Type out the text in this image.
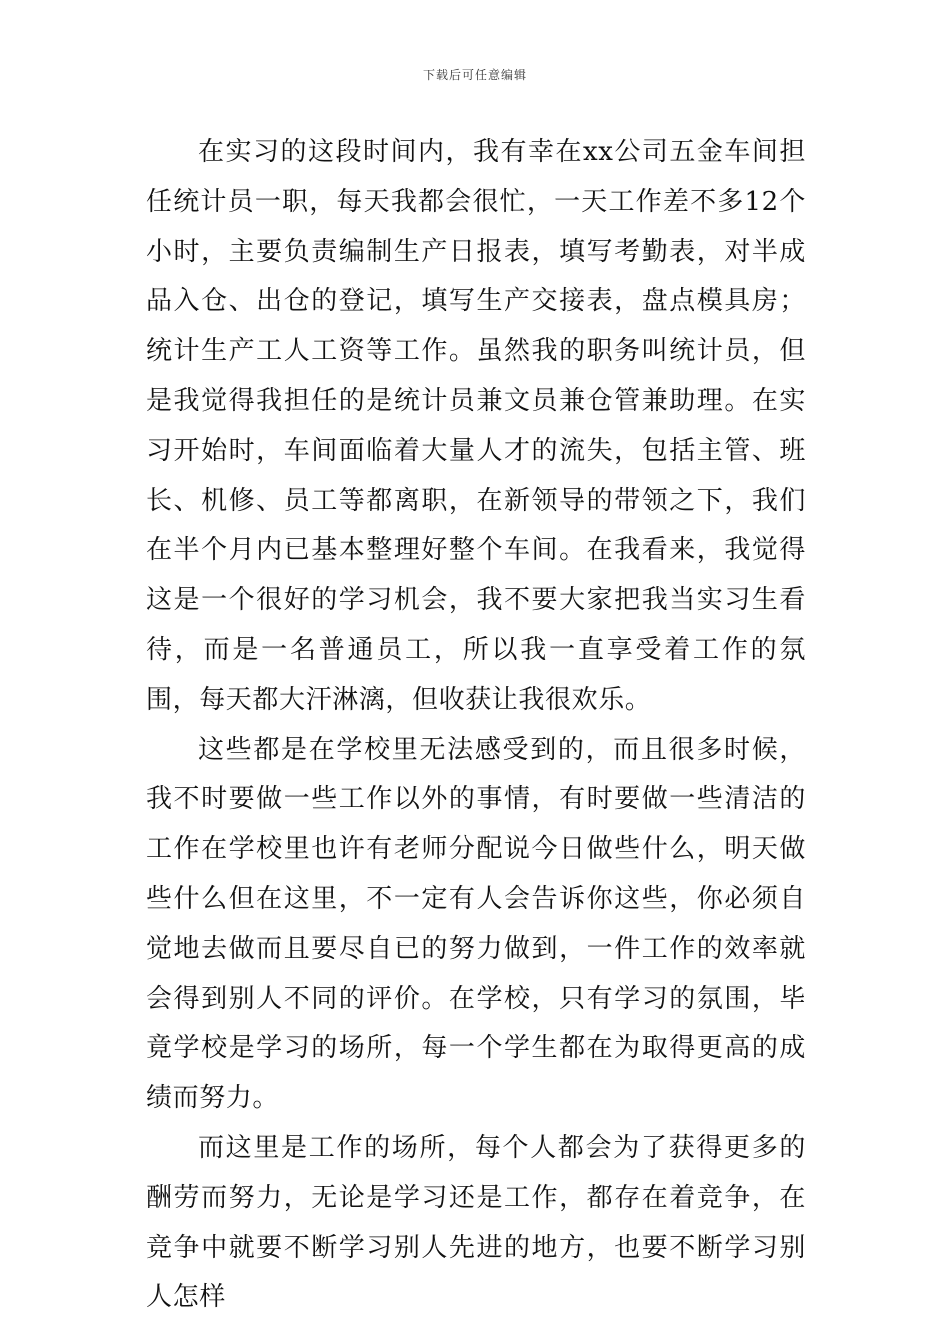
下载后可任意编辑

在实习的这段时间内，我有幸在xx公司五金车间担任统计员一职，每天我都会很忙，一天工作差不多12个小时，主要负责编制生产日报表，填写考勤表，对半成品入仓、出仓的登记，填写生产交接表，盘点模具房；统计生产工人工资等工作。虽然我的职务叫统计员，但是我觉得我担任的是统计员兼文员兼仓管兼助理。在实习开始时，车间面临着大量人才的流失，包括主管、班长、机修、员工等都离职，在新领导的带领之下，我们在半个月内已基本整理好整个车间。在我看来，我觉得这是一个很好的学习机会，我不要大家把我当实习生看待，而是一名普通员工，所以我一直享受着工作的氛围，每天都大汗淋漓，但收获让我很欢乐。

这些都是在学校里无法感受到的，而且很多时候，我不时要做一些工作以外的事情，有时要做一些清洁的工作在学校里也许有老师分配说今日做些什么，明天做些什么但在这里，不一定有人会告诉你这些，你必须自觉地去做而且要尽自已的努力做到，一件工作的效率就会得到别人不同的评价。在学校，只有学习的氛围，毕竟学校是学习的场所，每一个学生都在为取得更高的成绩而努力。

而这里是工作的场所，每个人都会为了获得更多的酬劳而努力，无论是学习还是工作，都存在着竞争，在竞争中就要不断学习别人先进的地方，也要不断学习别人怎样
